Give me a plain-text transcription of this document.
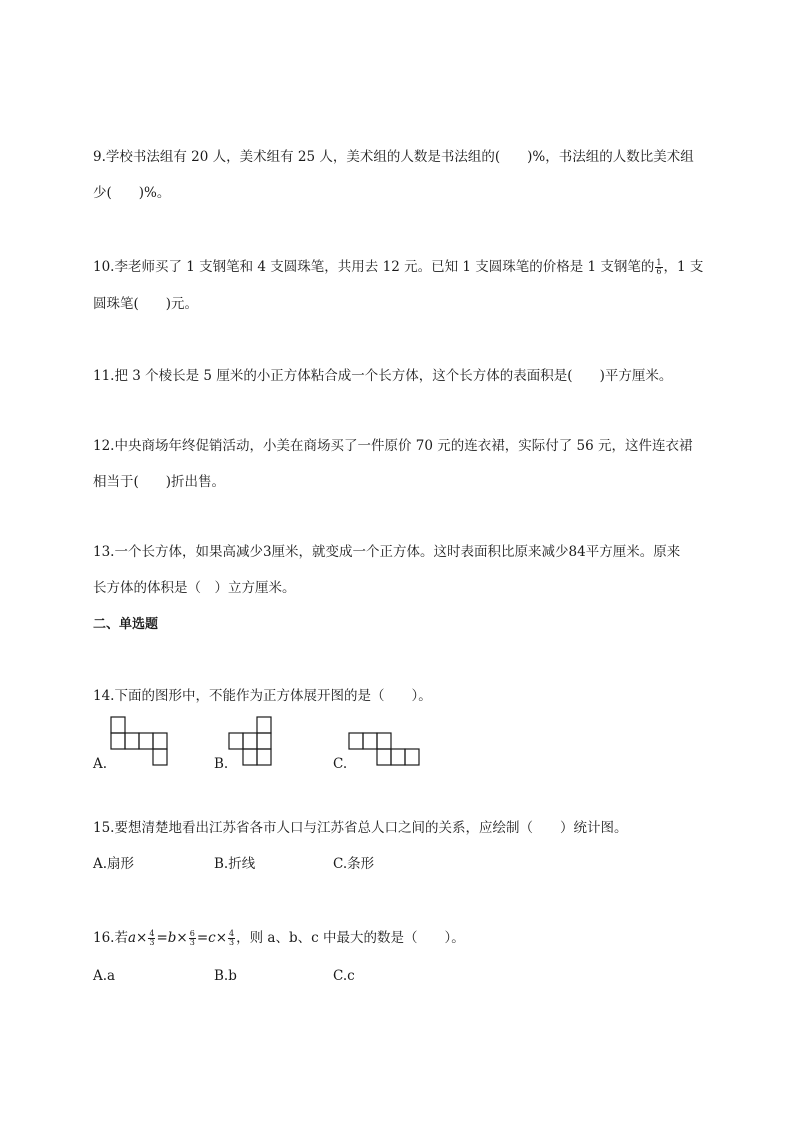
9.学校书法组有 20 人，美术组有 25 人，美术组的人数是书法组的(　　)%，书法组的人数比美术组
少(　　)%。
10.李老师买了 1 支钢笔和 4 支圆珠笔，共用去 12 元。已知 1 支圆珠笔的价格是 1 支钢笔的 $\frac{1}{6}$ ，1 支
圆珠笔(　　)元。
11.把 3 个棱长是 5 厘米的小正方体粘合成一个长方体，这个长方体的表面积是(　　)平方厘米。
12.中央商场年终促销活动，小美在商场买了一件原价 70 元的连衣裙，实际付了 56 元，这件连衣裙
相当于(　　)折出售。
13.一个长方体，如果高减少3厘米，就变成一个正方体。这时表面积比原来减少84平方厘米。原来
长方体的体积是（　）立方厘米。
二、单选题
14.下面的图形中，不能作为正方体展开图的是（　　）。
A.	B.	C.
15.要想清楚地看出江苏省各市人口与江苏省总人口之间的关系，应绘制（　　）统计图。
A.扇形	B.折线	C.条形
16.若$a\times \frac{4}{3} =b\times \frac{6}{3} =c\times \frac{4}{3}$ ，则 a、b、c 中最大的数是（　　）。
A.a	B.b	C.c
